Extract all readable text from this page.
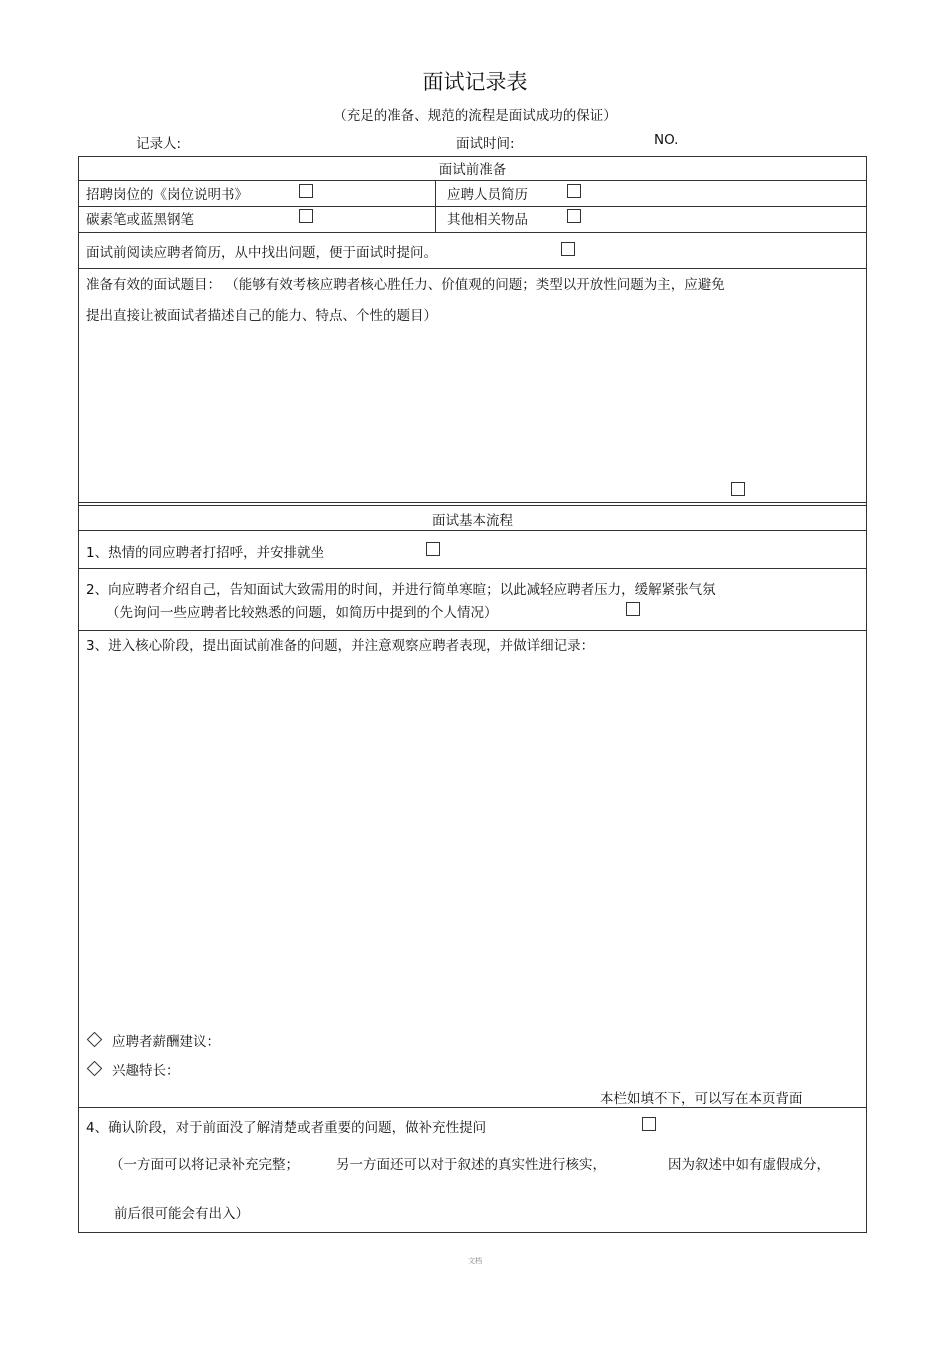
面试记录表
（充足的准备、规范的流程是面试成功的保证）
记录人:	面试时间:	NO.
面试前准备
招聘岗位的《岗位说明书》	应聘人员简历
碳素笔或蓝黑钢笔	其他相关物品
面试前阅读应聘者简历，从中找出问题，便于面试时提问。
准备有效的面试题目： （能够有效考核应聘者核心胜任力、价值观的问题；类型以开放性问题为主，应避免
提出直接让被面试者描述自己的能力、特点、个性的题目）
面试基本流程
1、热情的同应聘者打招呼，并安排就坐
2、向应聘者介绍自己，告知面试大致需用的时间，并进行简单寒暄；以此减轻应聘者压力，缓解紧张气氛
（先询问一些应聘者比较熟悉的问题，如简历中提到的个人情况）
3、进入核心阶段，提出面试前准备的问题，并注意观察应聘者表现，并做详细记录：
应聘者薪酬建议：
兴趣特长：
本栏如填不下，可以写在本页背面
4、确认阶段，对于前面没了解清楚或者重要的问题，做补充性提问
（一方面可以将记录补充完整；	另一方面还可以对于叙述的真实性进行核实，	因为叙述中如有虚假成分，
前后很可能会有出入）
文档
